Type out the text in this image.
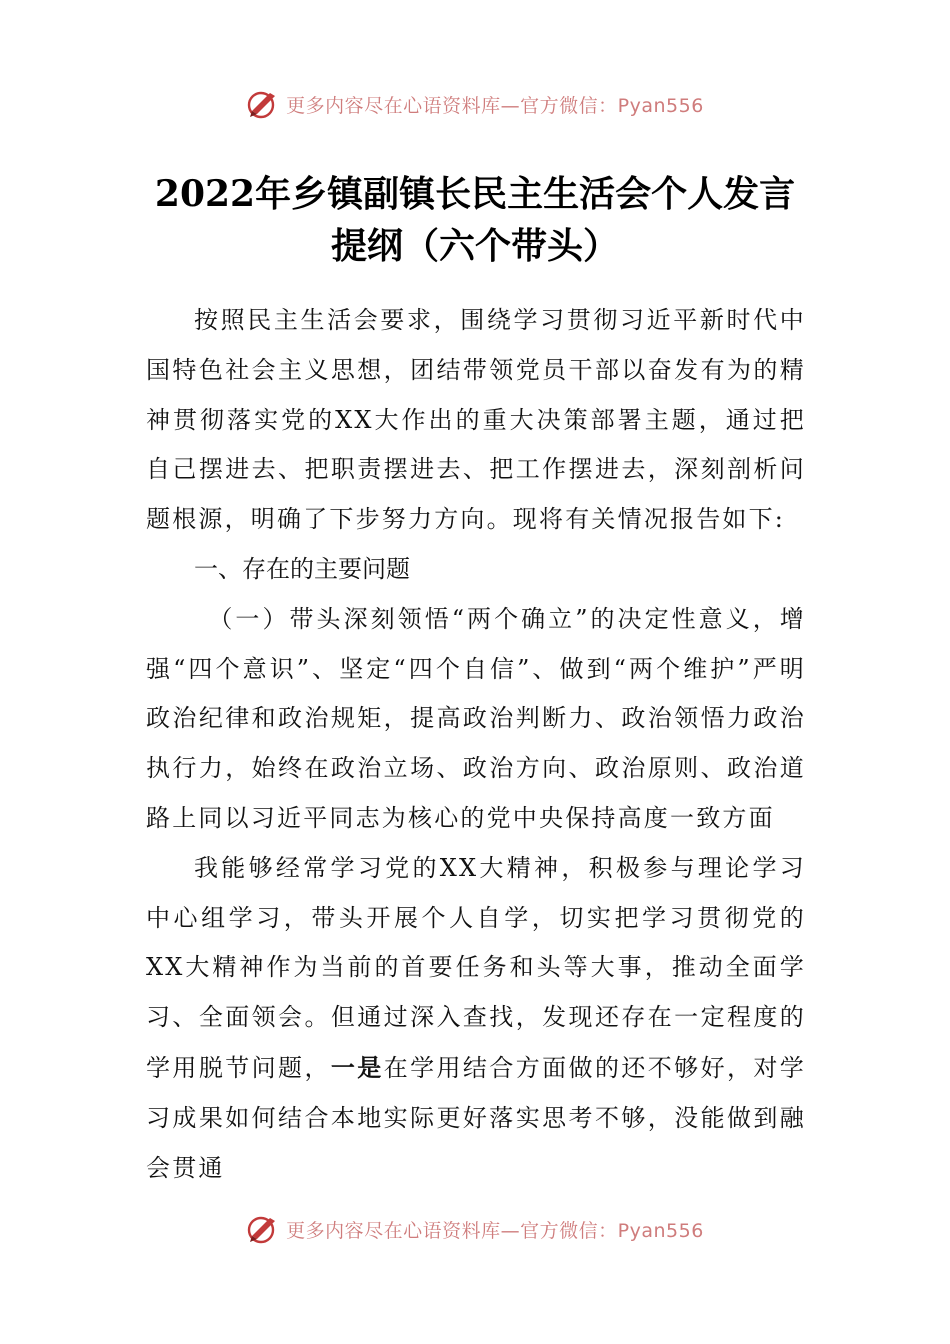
更多内容尽在心语资料库—官方微信：Pyan556
2022年乡镇副镇长民主生活会个人发言提纲（六个带头）

按照民主生活会要求，围绕学习贯彻习近平新时代中国特色社会主义思想，团结带领党员干部以奋发有为的精神贯彻落实党的XX大作出的重大决策部署主题，通过把自己摆进去、把职责摆进去、把工作摆进去，深刻剖析问题根源，明确了下步努力方向。现将有关情况报告如下:

一、存在的主要问题

（一）带头深刻领悟“两个确立”的决定性意义，增强“四个意识”、坚定“四个自信”、做到“两个维护”严明政治纪律和政治规矩，提高政治判断力、政治领悟力政治执行力，始终在政治立场、政治方向、政治原则、政治道路上同以习近平同志为核心的党中央保持高度一致方面

我能够经常学习党的XX大精神，积极参与理论学习中心组学习，带头开展个人自学，切实把学习贯彻党的XX大精神作为当前的首要任务和头等大事，推动全面学习、全面领会。但通过深入查找，发现还存在一定程度的学用脱节问题，一是在学用结合方面做的还不够好，对学习成果如何结合本地实际更好落实思考不够，没能做到融会贯通

更多内容尽在心语资料库—官方微信：Pyan556
